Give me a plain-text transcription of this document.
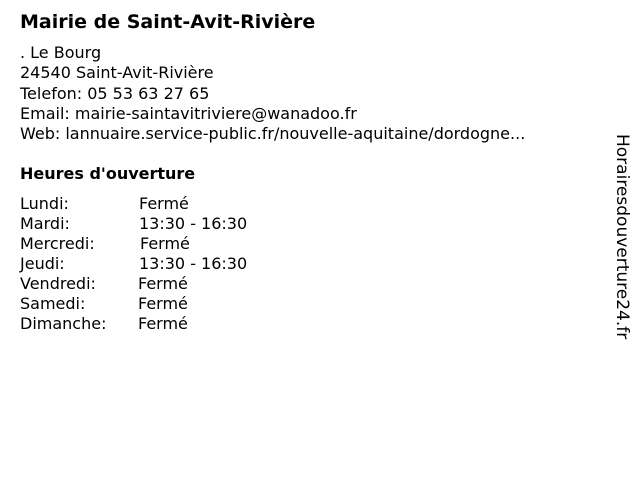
Mairie de Saint-Avit-Rivière
. Le Bourg
24540 Saint-Avit-Rivière
Telefon: 05 53 63 27 65
Email: mairie-saintavitriviere@wanadoo.fr
Web: lannuaire.service-public.fr/nouvelle-aquitaine/dordogne...
Heures d'ouverture
Lundi:	Fermé
Mardi:	13:30 - 16:30
Mercredi:	Fermé
Jeudi:	13:30 - 16:30
Vendredi:	Fermé
Samedi:	Fermé
Dimanche: Fermé	Horairesdouverture24.fr
